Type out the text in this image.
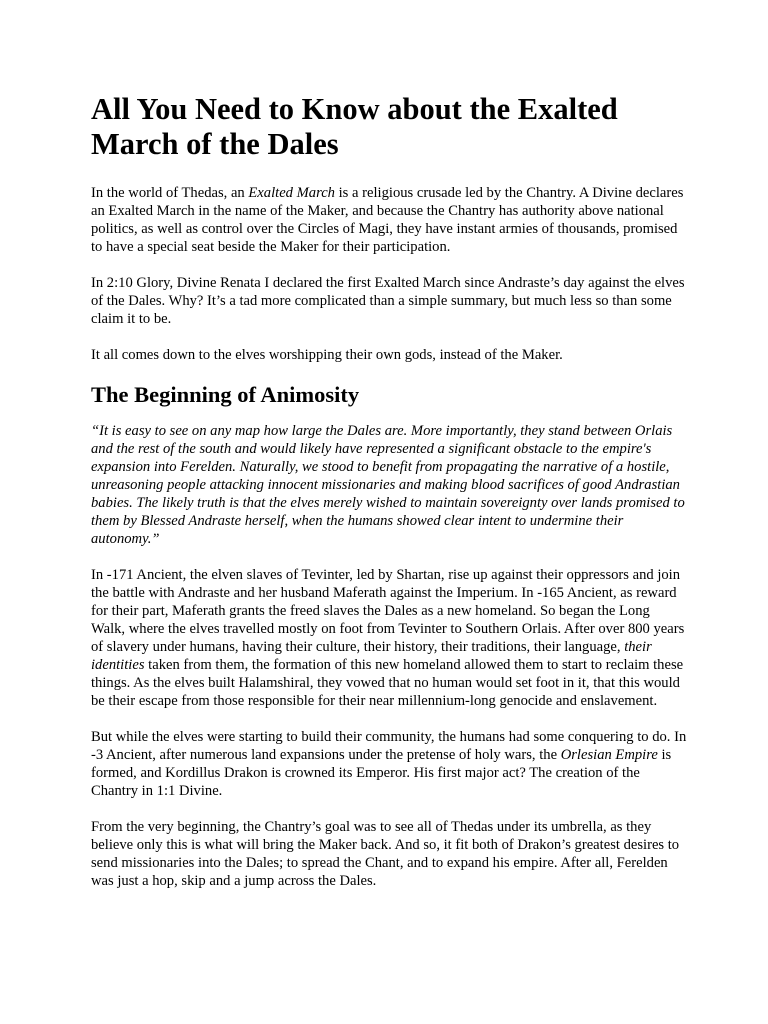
All You Need to Know about the Exalted March of the Dales

In the world of Thedas, an Exalted March is a religious crusade led by the Chantry. A Divine declares an Exalted March in the name of the Maker, and because the Chantry has authority above national politics, as well as control over the Circles of Magi, they have instant armies of thousands, promised to have a special seat beside the Maker for their participation.

In 2:10 Glory, Divine Renata I declared the first Exalted March since Andraste’s day against the elves of the Dales. Why? It’s a tad more complicated than a simple summary, but much less so than some claim it to be.

It all comes down to the elves worshipping their own gods, instead of the Maker.

The Beginning of Animosity

“It is easy to see on any map how large the Dales are. More importantly, they stand between Orlais and the rest of the south and would likely have represented a significant obstacle to the empire's expansion into Ferelden. Naturally, we stood to benefit from propagating the narrative of a hostile, unreasoning people attacking innocent missionaries and making blood sacrifices of good Andrastian babies. The likely truth is that the elves merely wished to maintain sovereignty over lands promised to them by Blessed Andraste herself, when the humans showed clear intent to undermine their autonomy.”

In -171 Ancient, the elven slaves of Tevinter, led by Shartan, rise up against their oppressors and join the battle with Andraste and her husband Maferath against the Imperium. In -165 Ancient, as reward for their part, Maferath grants the freed slaves the Dales as a new homeland. So began the Long Walk, where the elves travelled mostly on foot from Tevinter to Southern Orlais. After over 800 years of slavery under humans, having their culture, their history, their traditions, their language, their identities taken from them, the formation of this new homeland allowed them to start to reclaim these things. As the elves built Halamshiral, they vowed that no human would set foot in it, that this would be their escape from those responsible for their near millennium-long genocide and enslavement.

But while the elves were starting to build their community, the humans had some conquering to do. In -3 Ancient, after numerous land expansions under the pretense of holy wars, the Orlesian Empire is formed, and Kordillus Drakon is crowned its Emperor. His first major act? The creation of the Chantry in 1:1 Divine.

From the very beginning, the Chantry’s goal was to see all of Thedas under its umbrella, as they believe only this is what will bring the Maker back. And so, it fit both of Drakon’s greatest desires to send missionaries into the Dales; to spread the Chant, and to expand his empire. After all, Ferelden was just a hop, skip and a jump across the Dales.
